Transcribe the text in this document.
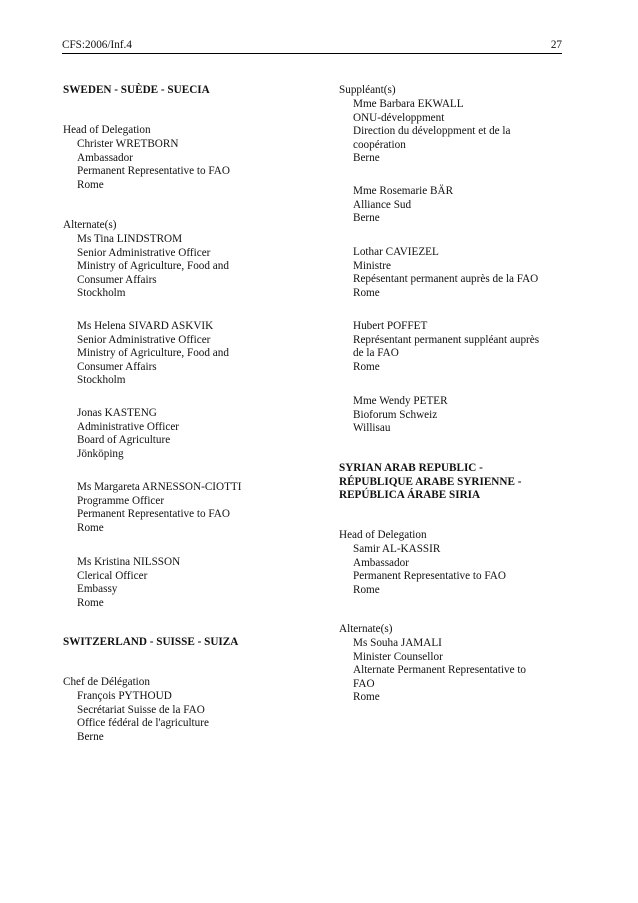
CFS:2006/Inf.4	27
SWEDEN - SUÈDE - SUECIA
Head of Delegation
Christer WRETBORN
Ambassador
Permanent Representative to FAO
Rome
Alternate(s)
Ms Tina LINDSTROM
Senior Administrative Officer
Ministry of Agriculture, Food and
Consumer Affairs
Stockholm
Ms Helena SIVARD ASKVIK
Senior Administrative Officer
Ministry of Agriculture, Food and
Consumer Affairs
Stockholm
Jonas KASTENG
Administrative Officer
Board of Agriculture
Jönköping
Ms Margareta ARNESSON-CIOTTI
Programme Officer
Permanent Representative to FAO
Rome
Ms Kristina NILSSON
Clerical Officer
Embassy
Rome
SWITZERLAND - SUISSE - SUIZA
Chef de Délégation
François PYTHOUD
Secrétariat Suisse de la FAO
Office fédéral de l'agriculture
Berne
Suppléant(s)
Mme Barbara EKWALL
ONU-développment
Direction du développment et de la
coopération
Berne
Mme Rosemarie BÄR
Alliance Sud
Berne
Lothar CAVIEZEL
Ministre
Repésentant permanent auprès de la FAO
Rome
Hubert POFFET
Représentant permanent suppléant auprès
de la FAO
Rome
Mme Wendy PETER
Bioforum Schweiz
Willisau
SYRIAN ARAB REPUBLIC -
RÉPUBLIQUE ARABE SYRIENNE -
REPÚBLICA ÁRABE SIRIA
Head of Delegation
Samir AL-KASSIR
Ambassador
Permanent Representative to FAO
Rome
Alternate(s)
Ms Souha JAMALI
Minister Counsellor
Alternate Permanent Representative to
FAO
Rome
